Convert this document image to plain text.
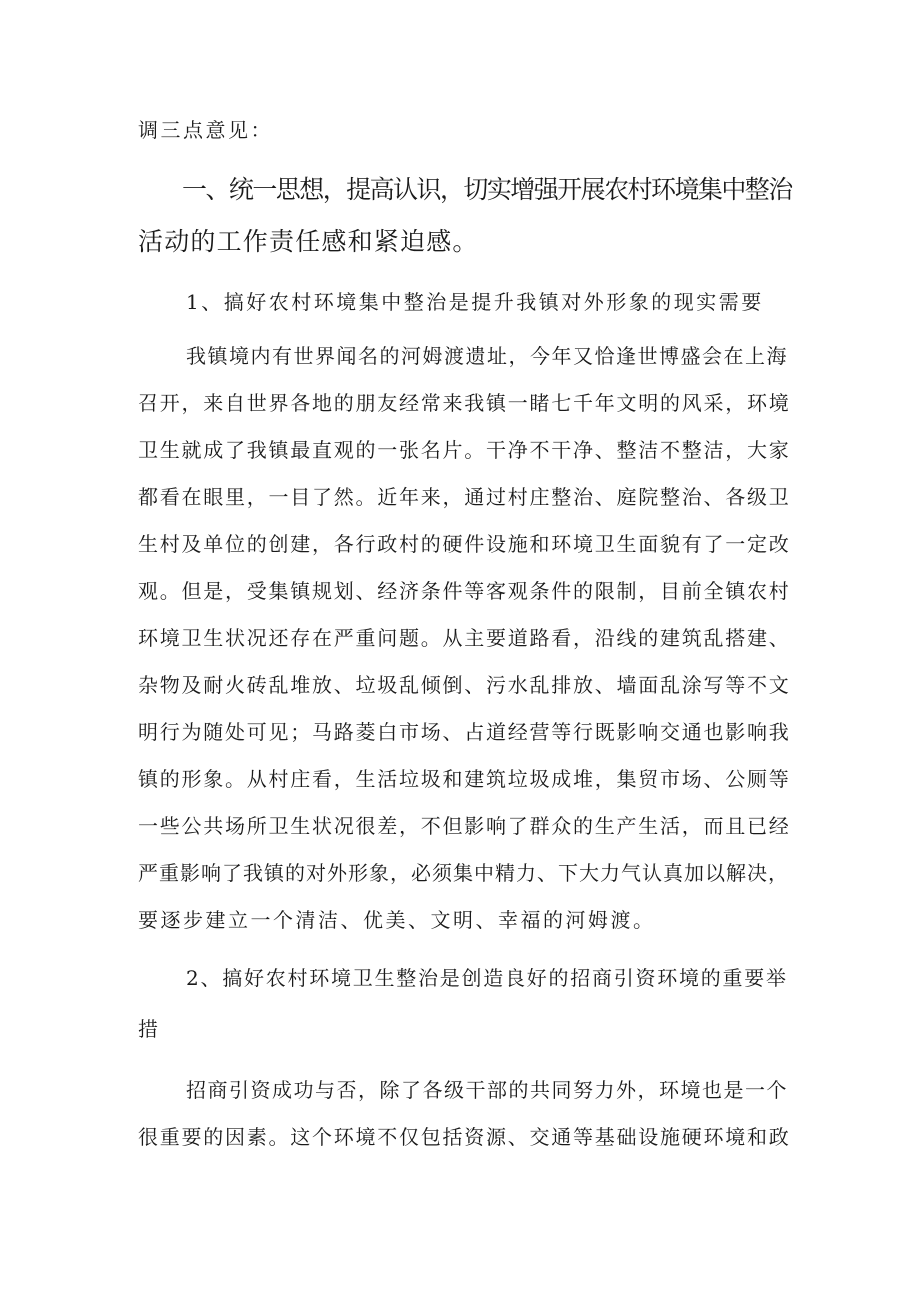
调三点意见：

一、统一思想，提高认识，切实增强开展农村环境集中整治
活动的工作责任感和紧迫感。

1、搞好农村环境集中整治是提升我镇对外形象的现实需要

我镇境内有世界闻名的河姆渡遗址，今年又恰逢世博盛会在上海

召开，来自世界各地的朋友经常来我镇一睹七千年文明的风采，环境

卫生就成了我镇最直观的一张名片。干净不干净、整洁不整洁，大家

都看在眼里，一目了然。近年来，通过村庄整治、庭院整治、各级卫

生村及单位的创建，各行政村的硬件设施和环境卫生面貌有了一定改

观。但是，受集镇规划、经济条件等客观条件的限制，目前全镇农村

环境卫生状况还存在严重问题。从主要道路看，沿线的建筑乱搭建、

杂物及耐火砖乱堆放、垃圾乱倾倒、污水乱排放、墙面乱涂写等不文

明行为随处可见；马路菱白市场、占道经营等行既影响交通也影响我

镇的形象。从村庄看，生活垃圾和建筑垃圾成堆，集贸市场、公厕等

一些公共场所卫生状况很差，不但影响了群众的生产生活，而且已经

严重影响了我镇的对外形象，必须集中精力、下大力气认真加以解决，

要逐步建立一个清洁、优美、文明、幸福的河姆渡。

2、搞好农村环境卫生整治是创造良好的招商引资环境的重要举

措

招商引资成功与否，除了各级干部的共同努力外，环境也是一个

很重要的因素。这个环境不仅包括资源、交通等基础设施硬环境和政
